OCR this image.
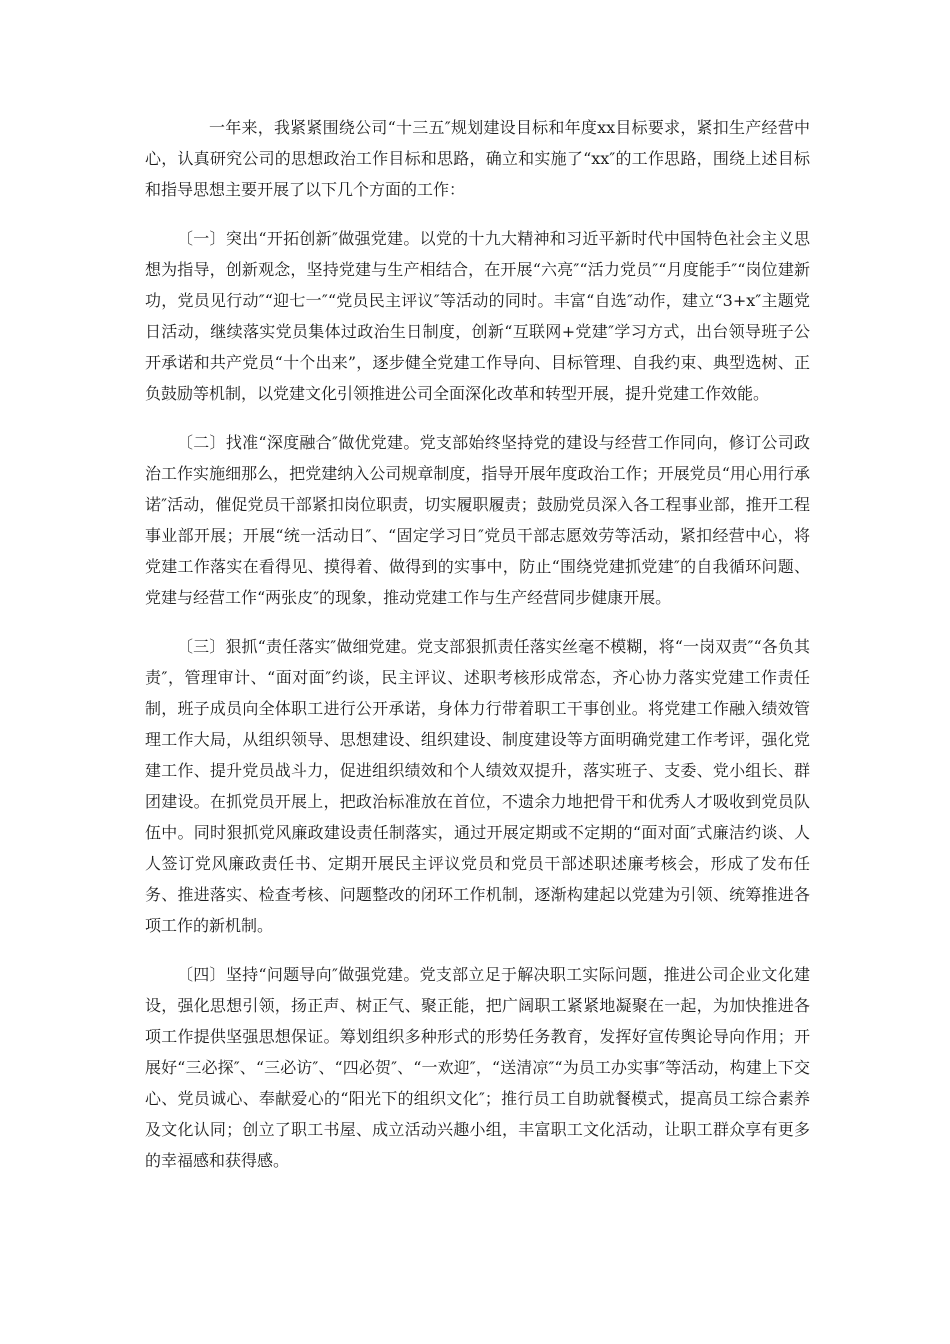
一年来，我紧紧围绕公司“十三五″规划建设目标和年度xx目标要求，紧扣生产经营中心，认真研究公司的思想政治工作目标和思路，确立和实施了“xx″的工作思路，围绕上述目标和指导思想主要开展了以下几个方面的工作：

〔一〕突出“开拓创新″做强党建。以党的十九大精神和习近平新时代中国特色社会主义思想为指导，创新观念，坚持党建与生产相结合，在开展“六亮″“活力党员″“月度能手″“岗位建新功，党员见行动″“迎七一″“党员民主评议″等活动的同时。丰富“自选″动作，建立“3+x″主题党日活动，继续落实党员集体过政治生日制度，创新“互联网+党建″学习方式，出台领导班子公开承诺和共产党员“十个出来”，逐步健全党建工作导向、目标管理、自我约束、典型选树、正负鼓励等机制，以党建文化引领推进公司全面深化改革和转型开展，提升党建工作效能。

〔二〕找准“深度融合″做优党建。党支部始终坚持党的建设与经营工作同向，修订公司政治工作实施细那么，把党建纳入公司规章制度，指导开展年度政治工作；开展党员“用心用行承诺″活动，催促党员干部紧扣岗位职责，切实履职履责；鼓励党员深入各工程事业部，推开工程事业部开展；开展“统一活动日″、“固定学习日″党员干部志愿效劳等活动，紧扣经营中心，将党建工作落实在看得见、摸得着、做得到的实事中，防止“围绕党建抓党建″的自我循环问题、党建与经营工作“两张皮″的现象，推动党建工作与生产经营同步健康开展。

〔三〕狠抓“责任落实″做细党建。党支部狠抓责任落实丝毫不模糊，将“一岗双责″“各负其责″，管理审计、“面对面″约谈，民主评议、述职考核形成常态，齐心协力落实党建工作责任制，班子成员向全体职工进行公开承诺，身体力行带着职工干事创业。将党建工作融入绩效管理工作大局，从组织领导、思想建设、组织建设、制度建设等方面明确党建工作考评，强化党建工作、提升党员战斗力，促进组织绩效和个人绩效双提升，落实班子、支委、党小组长、群团建设。在抓党员开展上，把政治标准放在首位，不遗余力地把骨干和优秀人才吸收到党员队伍中。同时狠抓党风廉政建设责任制落实，通过开展定期或不定期的“面对面″式廉洁约谈、人人签订党风廉政责任书、定期开展民主评议党员和党员干部述职述廉考核会，形成了发布任务、推进落实、检查考核、问题整改的闭环工作机制，逐渐构建起以党建为引领、统筹推进各项工作的新机制。

〔四〕坚持“问题导向″做强党建。党支部立足于解决职工实际问题，推进公司企业文化建设，强化思想引领，扬正声、树正气、聚正能，把广阔职工紧紧地凝聚在一起，为加快推进各项工作提供坚强思想保证。筹划组织多种形式的形势任务教育，发挥好宣传舆论导向作用；开展好“三必探″、“三必访″、“四必贺″、“一欢迎″，“送清凉″“为员工办实事″等活动，构建上下交心、党员诚心、奉献爱心的“阳光下的组织文化″；推行员工自助就餐模式，提高员工综合素养及文化认同；创立了职工书屋、成立活动兴趣小组，丰富职工文化活动，让职工群众享有更多的幸福感和获得感。
